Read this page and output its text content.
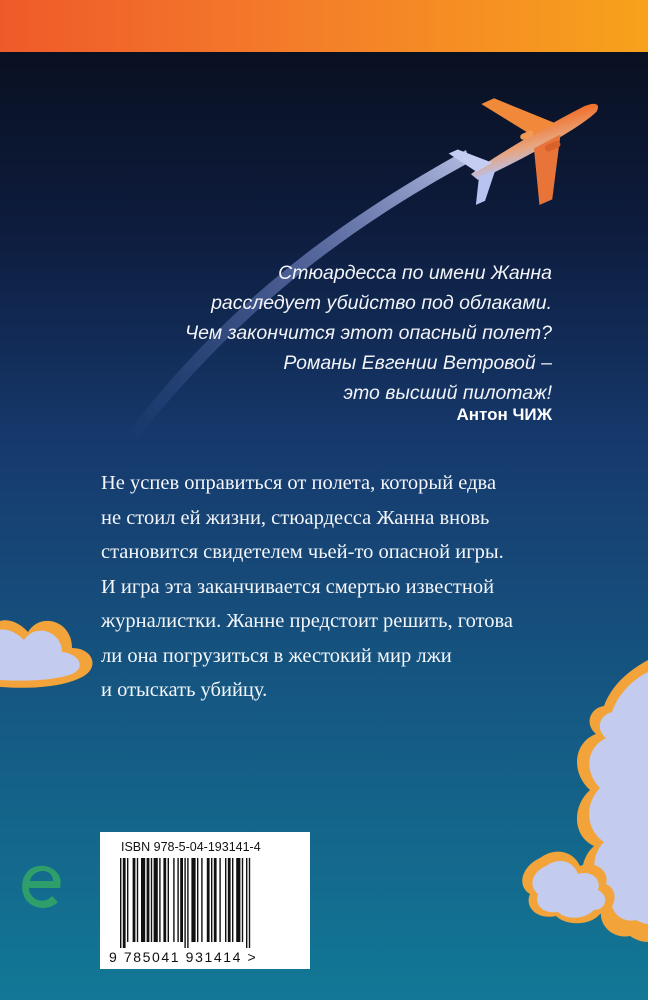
Стюардесса по имени Жанна
расследует убийство под облаками.
Чем закончится этот опасный полет?
Романы Евгении Ветровой –
это высший пилотаж!
Антон ЧИЖ
Не успев оправиться от полета, который едва
не стоил ей жизни, стюардесса Жанна вновь
становится свидетелем чьей-то опасной игры.
И игра эта заканчивается смертью известной
журналистки. Жанне предстоит решить, готова
ли она погрузиться в жестокий мир лжи
и отыскать убийцу.
ISBN 978-5-04-193141-4
9 785041 931414 >
